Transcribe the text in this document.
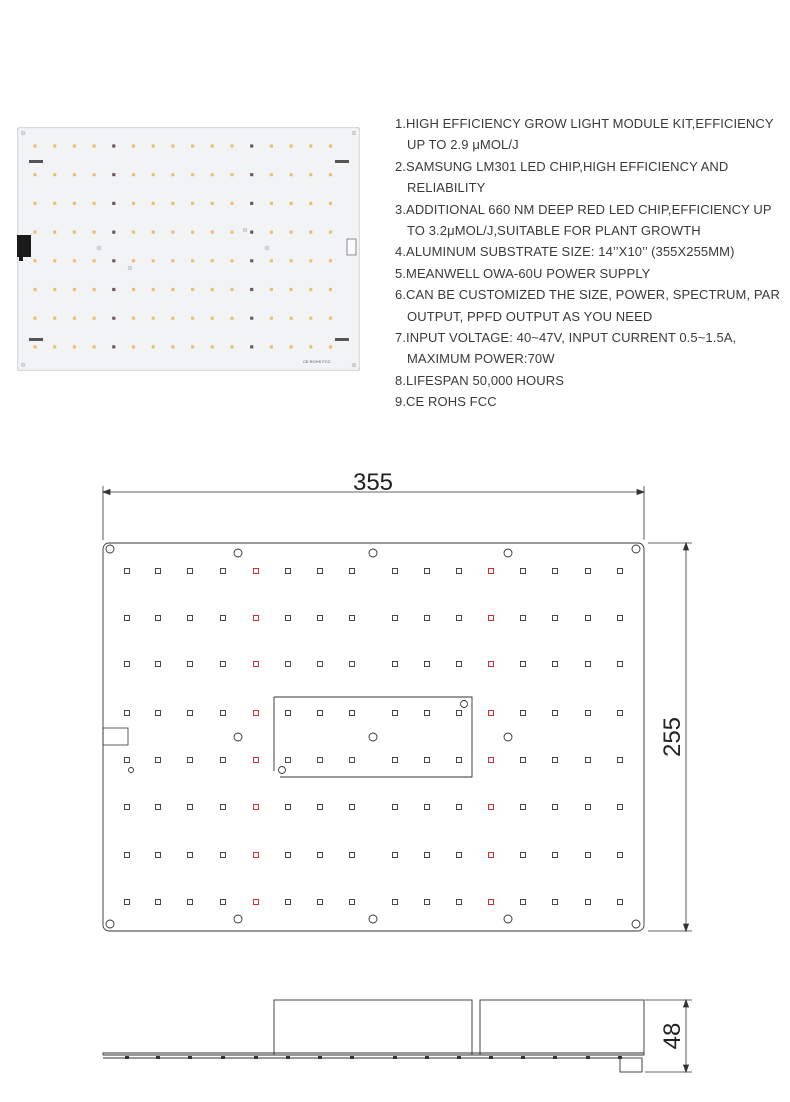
CE ROHS FCC
1.HIGH EFFICIENCY GROW LIGHT MODULE KIT,EFFICIENCY UP TO 2.9 μMOL/J
2.SAMSUNG LM301 LED CHIP,HIGH EFFICIENCY AND RELIABILITY
3.ADDITIONAL 660 NM DEEP RED LED CHIP,EFFICIENCY UP TO 3.2μMOL/J,SUITABLE FOR PLANT GROWTH
4.ALUMINUM SUBSTRATE SIZE: 14’’X10’’ (355X255MM)
5.MEANWELL OWA-60U POWER SUPPLY
6.CAN BE CUSTOMIZED THE SIZE, POWER, SPECTRUM, PAR OUTPUT, PPFD OUTPUT AS YOU NEED
7.INPUT VOLTAGE: 40~47V, INPUT CURRENT 0.5~1.5A, MAXIMUM POWER:70W
8.LIFESPAN 50,000 HOURS
9.CE ROHS FCC
355
255
48
